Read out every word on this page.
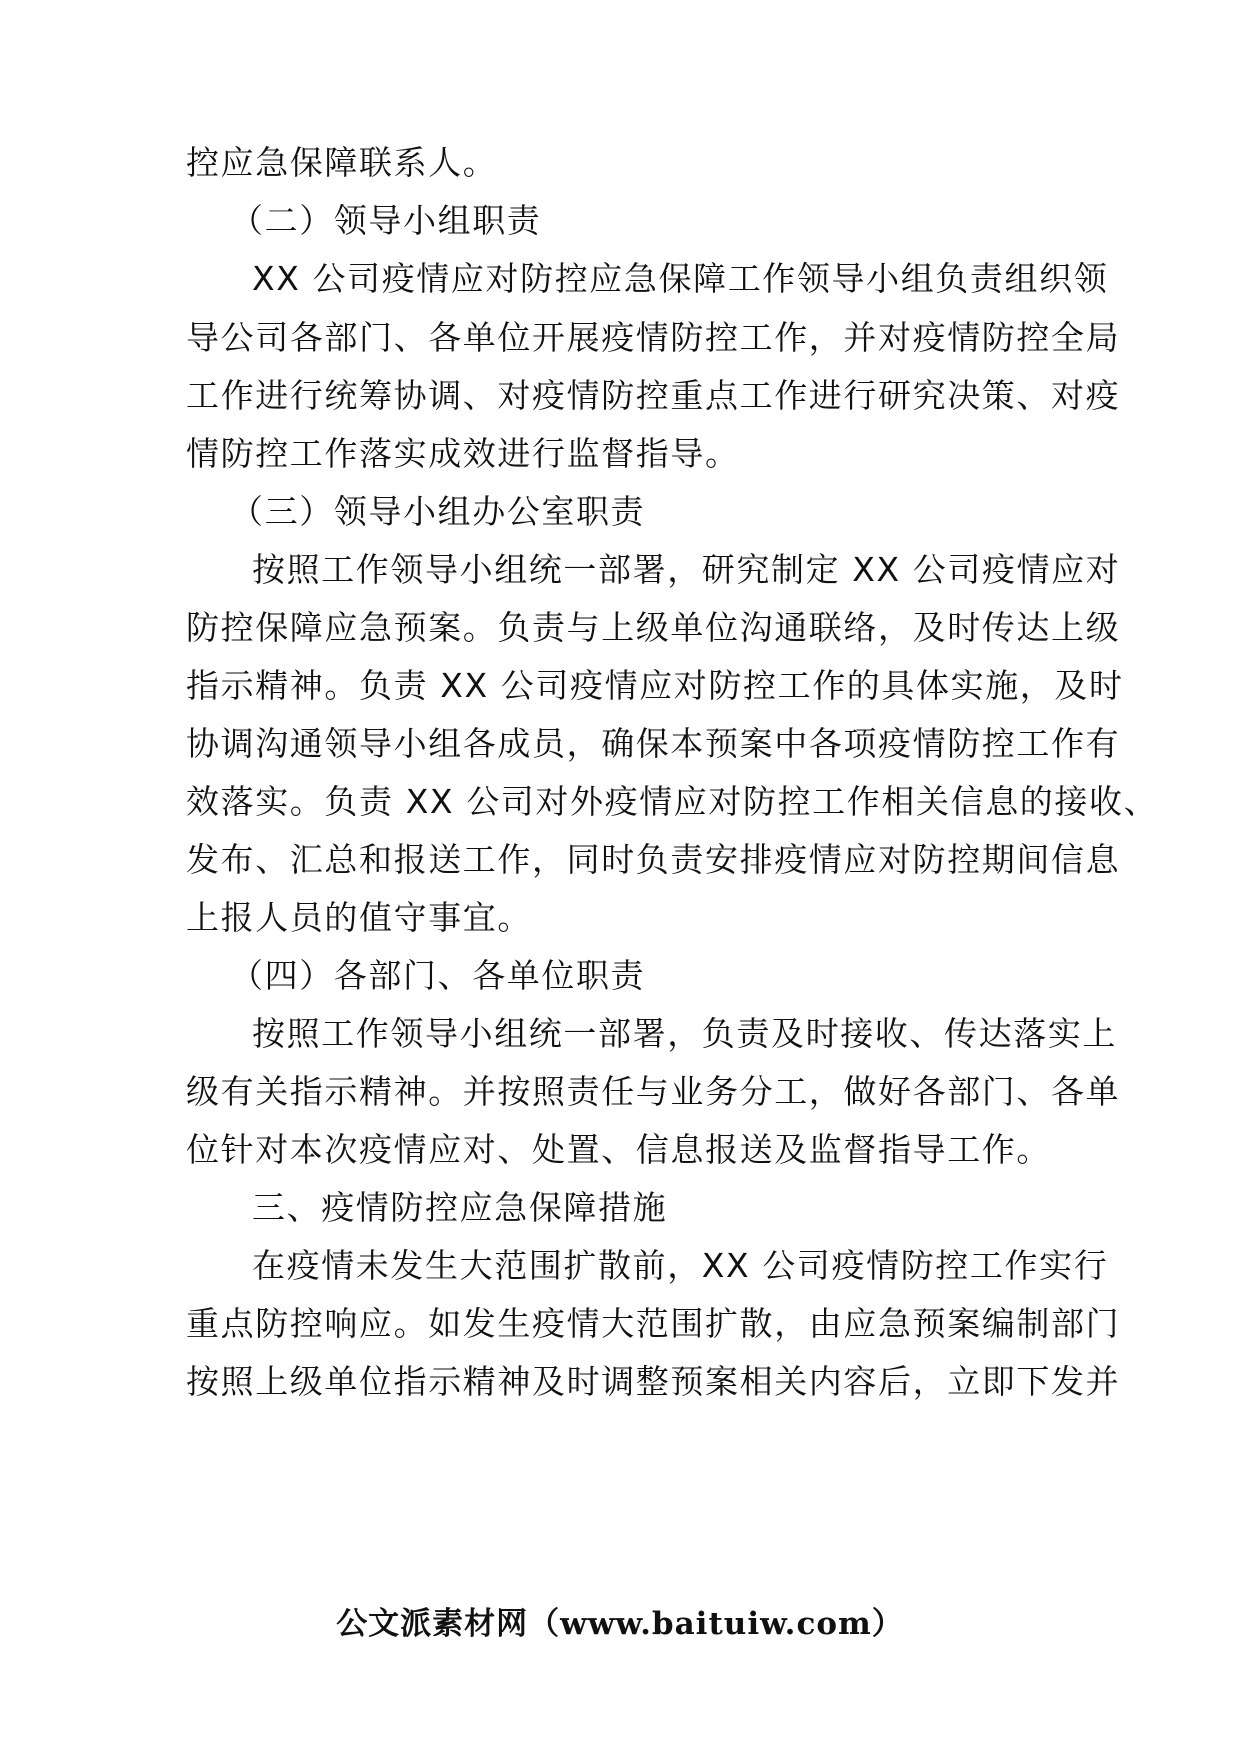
控应急保障联系人。
（二）领导小组职责
XX 公司疫情应对防控应急保障工作领导小组负责组织领
导公司各部门、各单位开展疫情防控工作，并对疫情防控全局
工作进行统筹协调、对疫情防控重点工作进行研究决策、对疫
情防控工作落实成效进行监督指导。
（三）领导小组办公室职责
按照工作领导小组统一部署，研究制定 XX 公司疫情应对
防控保障应急预案。负责与上级单位沟通联络，及时传达上级
指示精神。负责 XX 公司疫情应对防控工作的具体实施，及时
协调沟通领导小组各成员，确保本预案中各项疫情防控工作有
效落实。负责 XX 公司对外疫情应对防控工作相关信息的接收、
发布、汇总和报送工作，同时负责安排疫情应对防控期间信息
上报人员的值守事宜。
（四）各部门、各单位职责
按照工作领导小组统一部署，负责及时接收、传达落实上
级有关指示精神。并按照责任与业务分工，做好各部门、各单
位针对本次疫情应对、处置、信息报送及监督指导工作。
三、疫情防控应急保障措施
在疫情未发生大范围扩散前，XX 公司疫情防控工作实行
重点防控响应。如发生疫情大范围扩散，由应急预案编制部门
按照上级单位指示精神及时调整预案相关内容后，立即下发并
公文派素材网（www.baituiw.com）
